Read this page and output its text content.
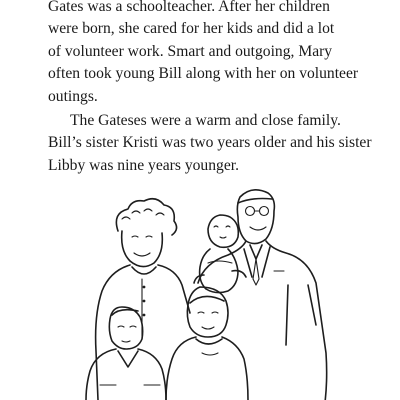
Gates was a schoolteacher. After her children
were born, she cared for her kids and did a lot
of volunteer work. Smart and outgoing, Mary
often took young Bill along with her on volunteer
outings.
The Gateses were a warm and close family.
Bill’s sister Kristi was two years older and his sister
Libby was nine years younger.
